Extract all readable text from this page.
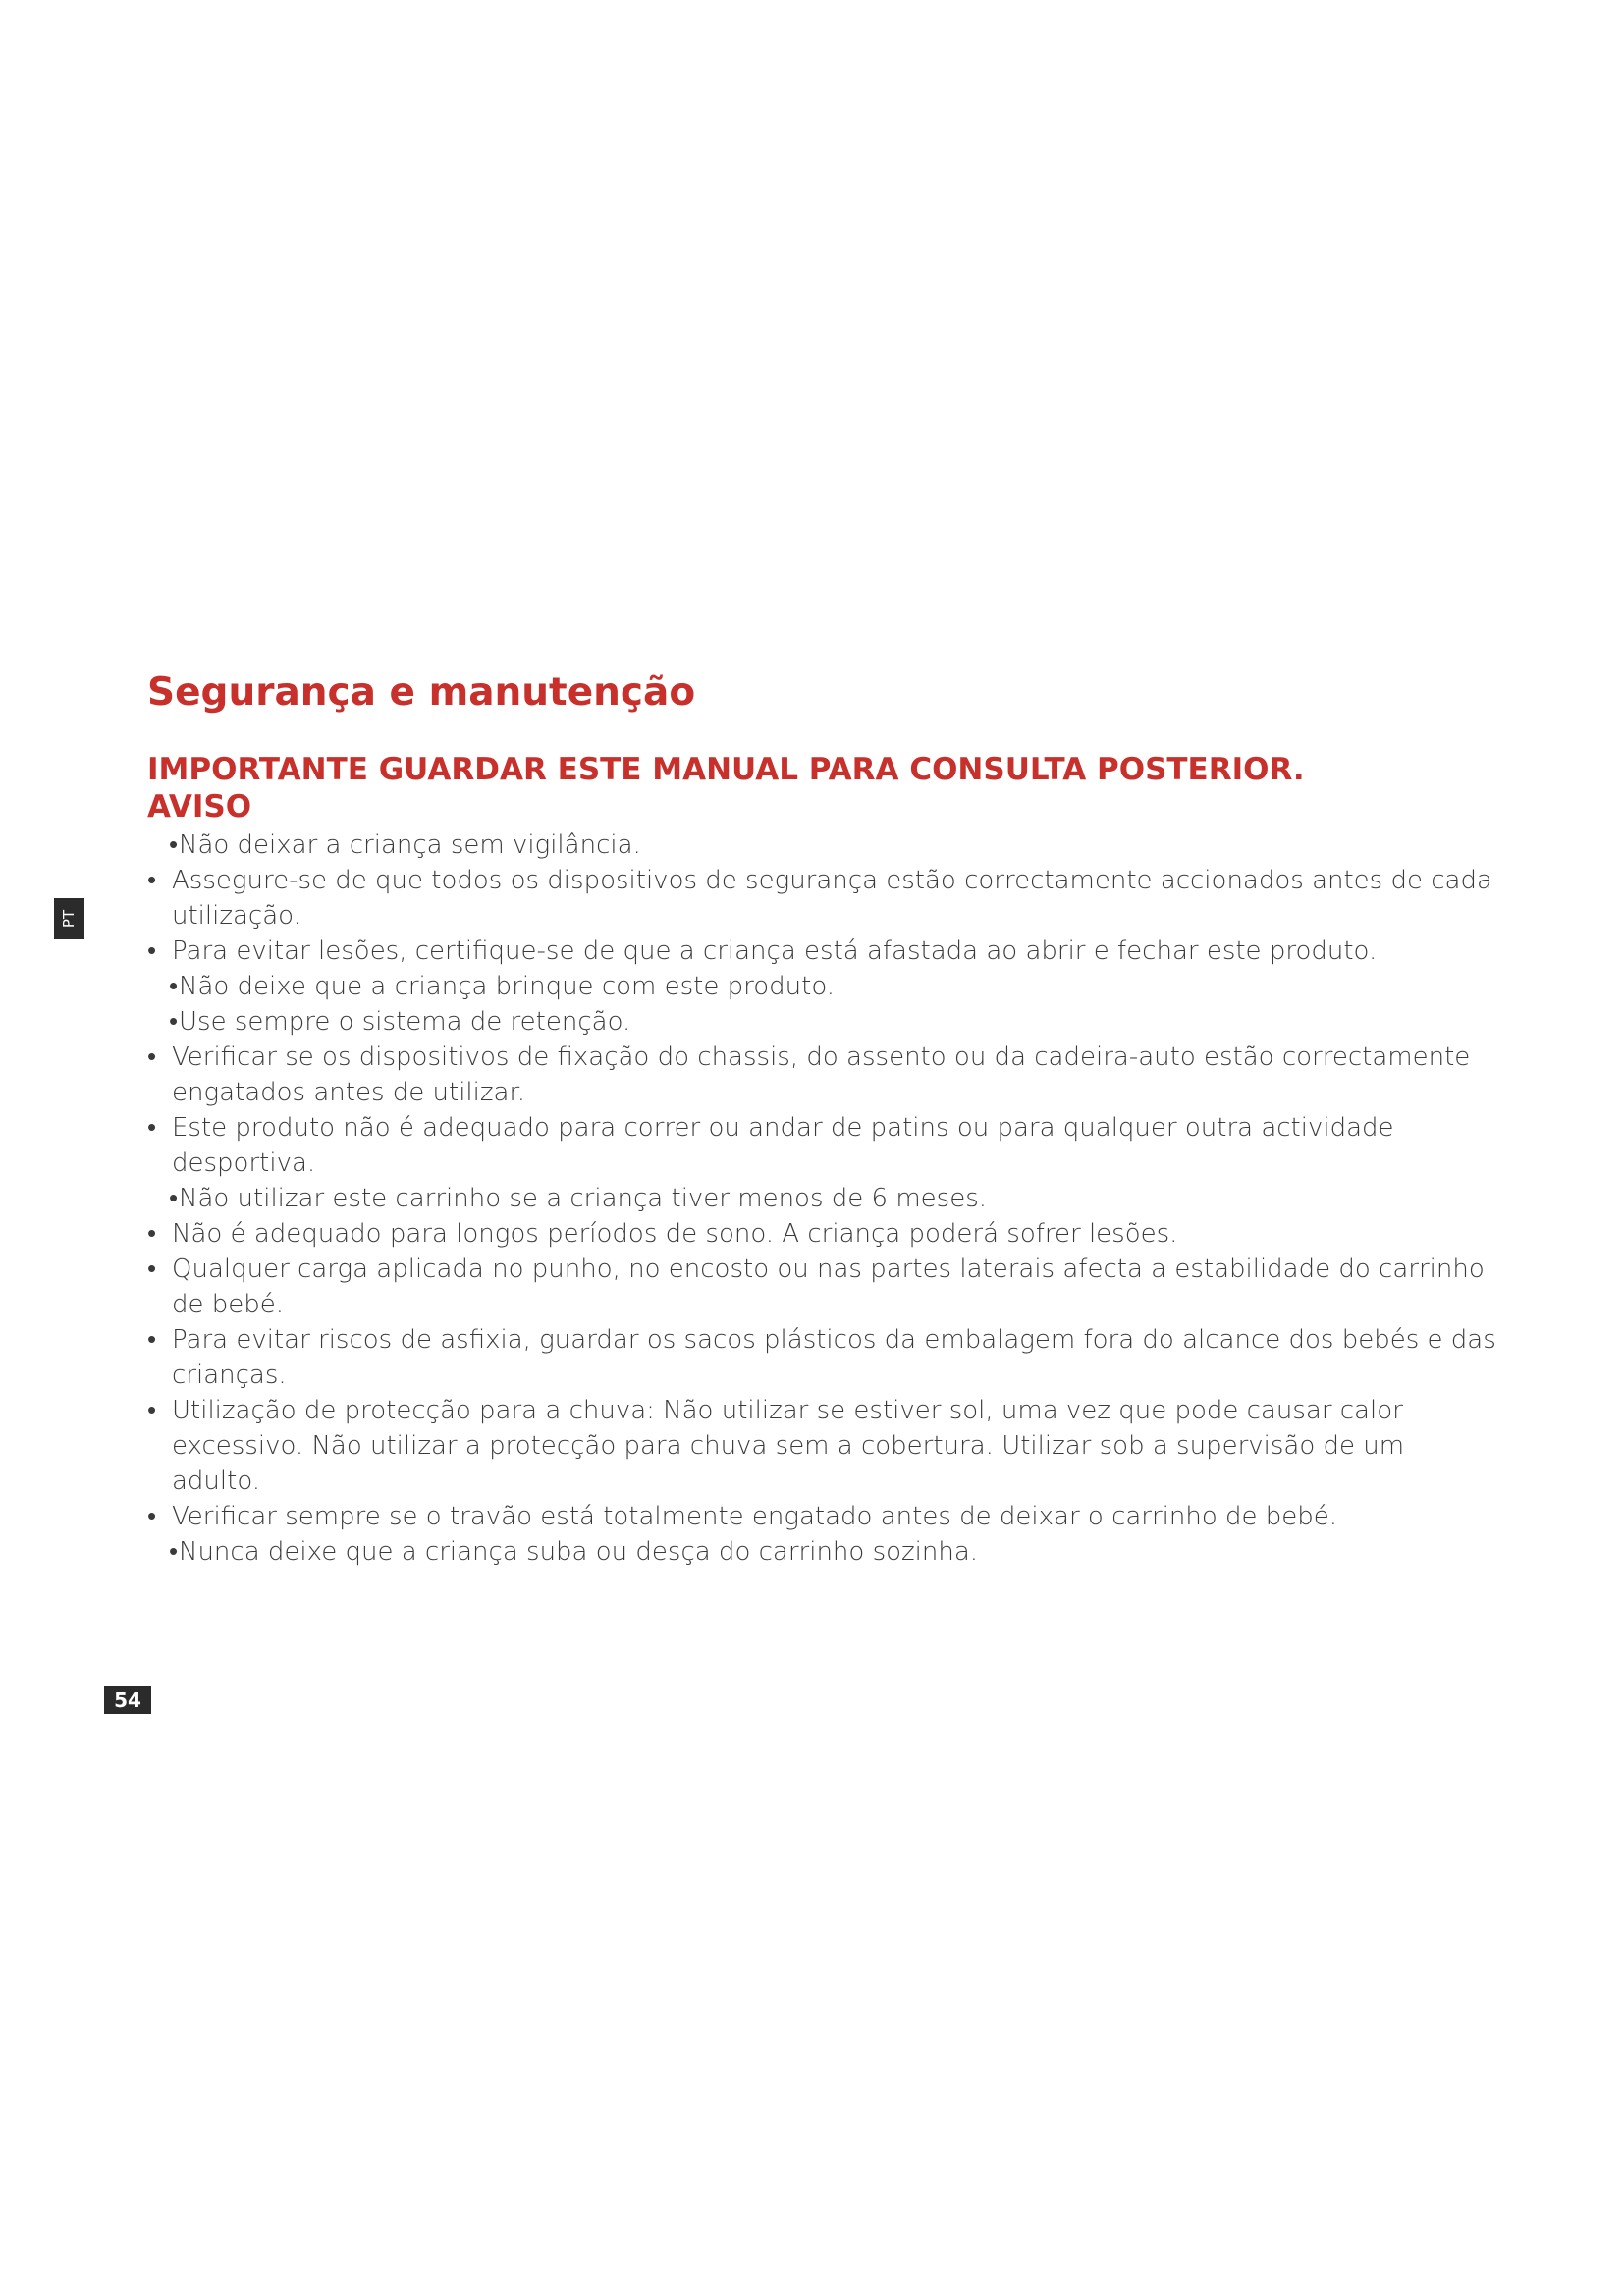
Segurança e manutenção
IMPORTANTE GUARDAR ESTE MANUAL PARA CONSULTA POSTERIOR.
AVISO
PT
• Não deixar a criança sem vigilância.
• Assegure-se de que todos os dispositivos de segurança estão correctamente accionados antes de cada utilização.
• Para evitar lesões, certifique-se de que a criança está afastada ao abrir e fechar este produto.
• Não deixe que a criança brinque com este produto.
• Use sempre o sistema de retenção.
• Verificar se os dispositivos de fixação do chassis, do assento ou da cadeira-auto estão correctamente engatados antes de utilizar.
• Este produto não é adequado para correr ou andar de patins ou para qualquer outra actividade desportiva.
• Não utilizar este carrinho se a criança tiver menos de 6 meses.
• Não é adequado para longos períodos de sono. A criança poderá sofrer lesões.
• Qualquer carga aplicada no punho, no encosto ou nas partes laterais afecta a estabilidade do carrinho de bebé.
• Para evitar riscos de asfixia, guardar os sacos plásticos da embalagem fora do alcance dos bebés e das crianças.
• Utilização de protecção para a chuva: Não utilizar se estiver sol, uma vez que pode causar calor excessivo. Não utilizar a protecção para chuva sem a cobertura. Utilizar sob a supervisão de um adulto.
• Verificar sempre se o travão está totalmente engatado antes de deixar o carrinho de bebé.
• Nunca deixe que a criança suba ou desça do carrinho sozinha.
54
